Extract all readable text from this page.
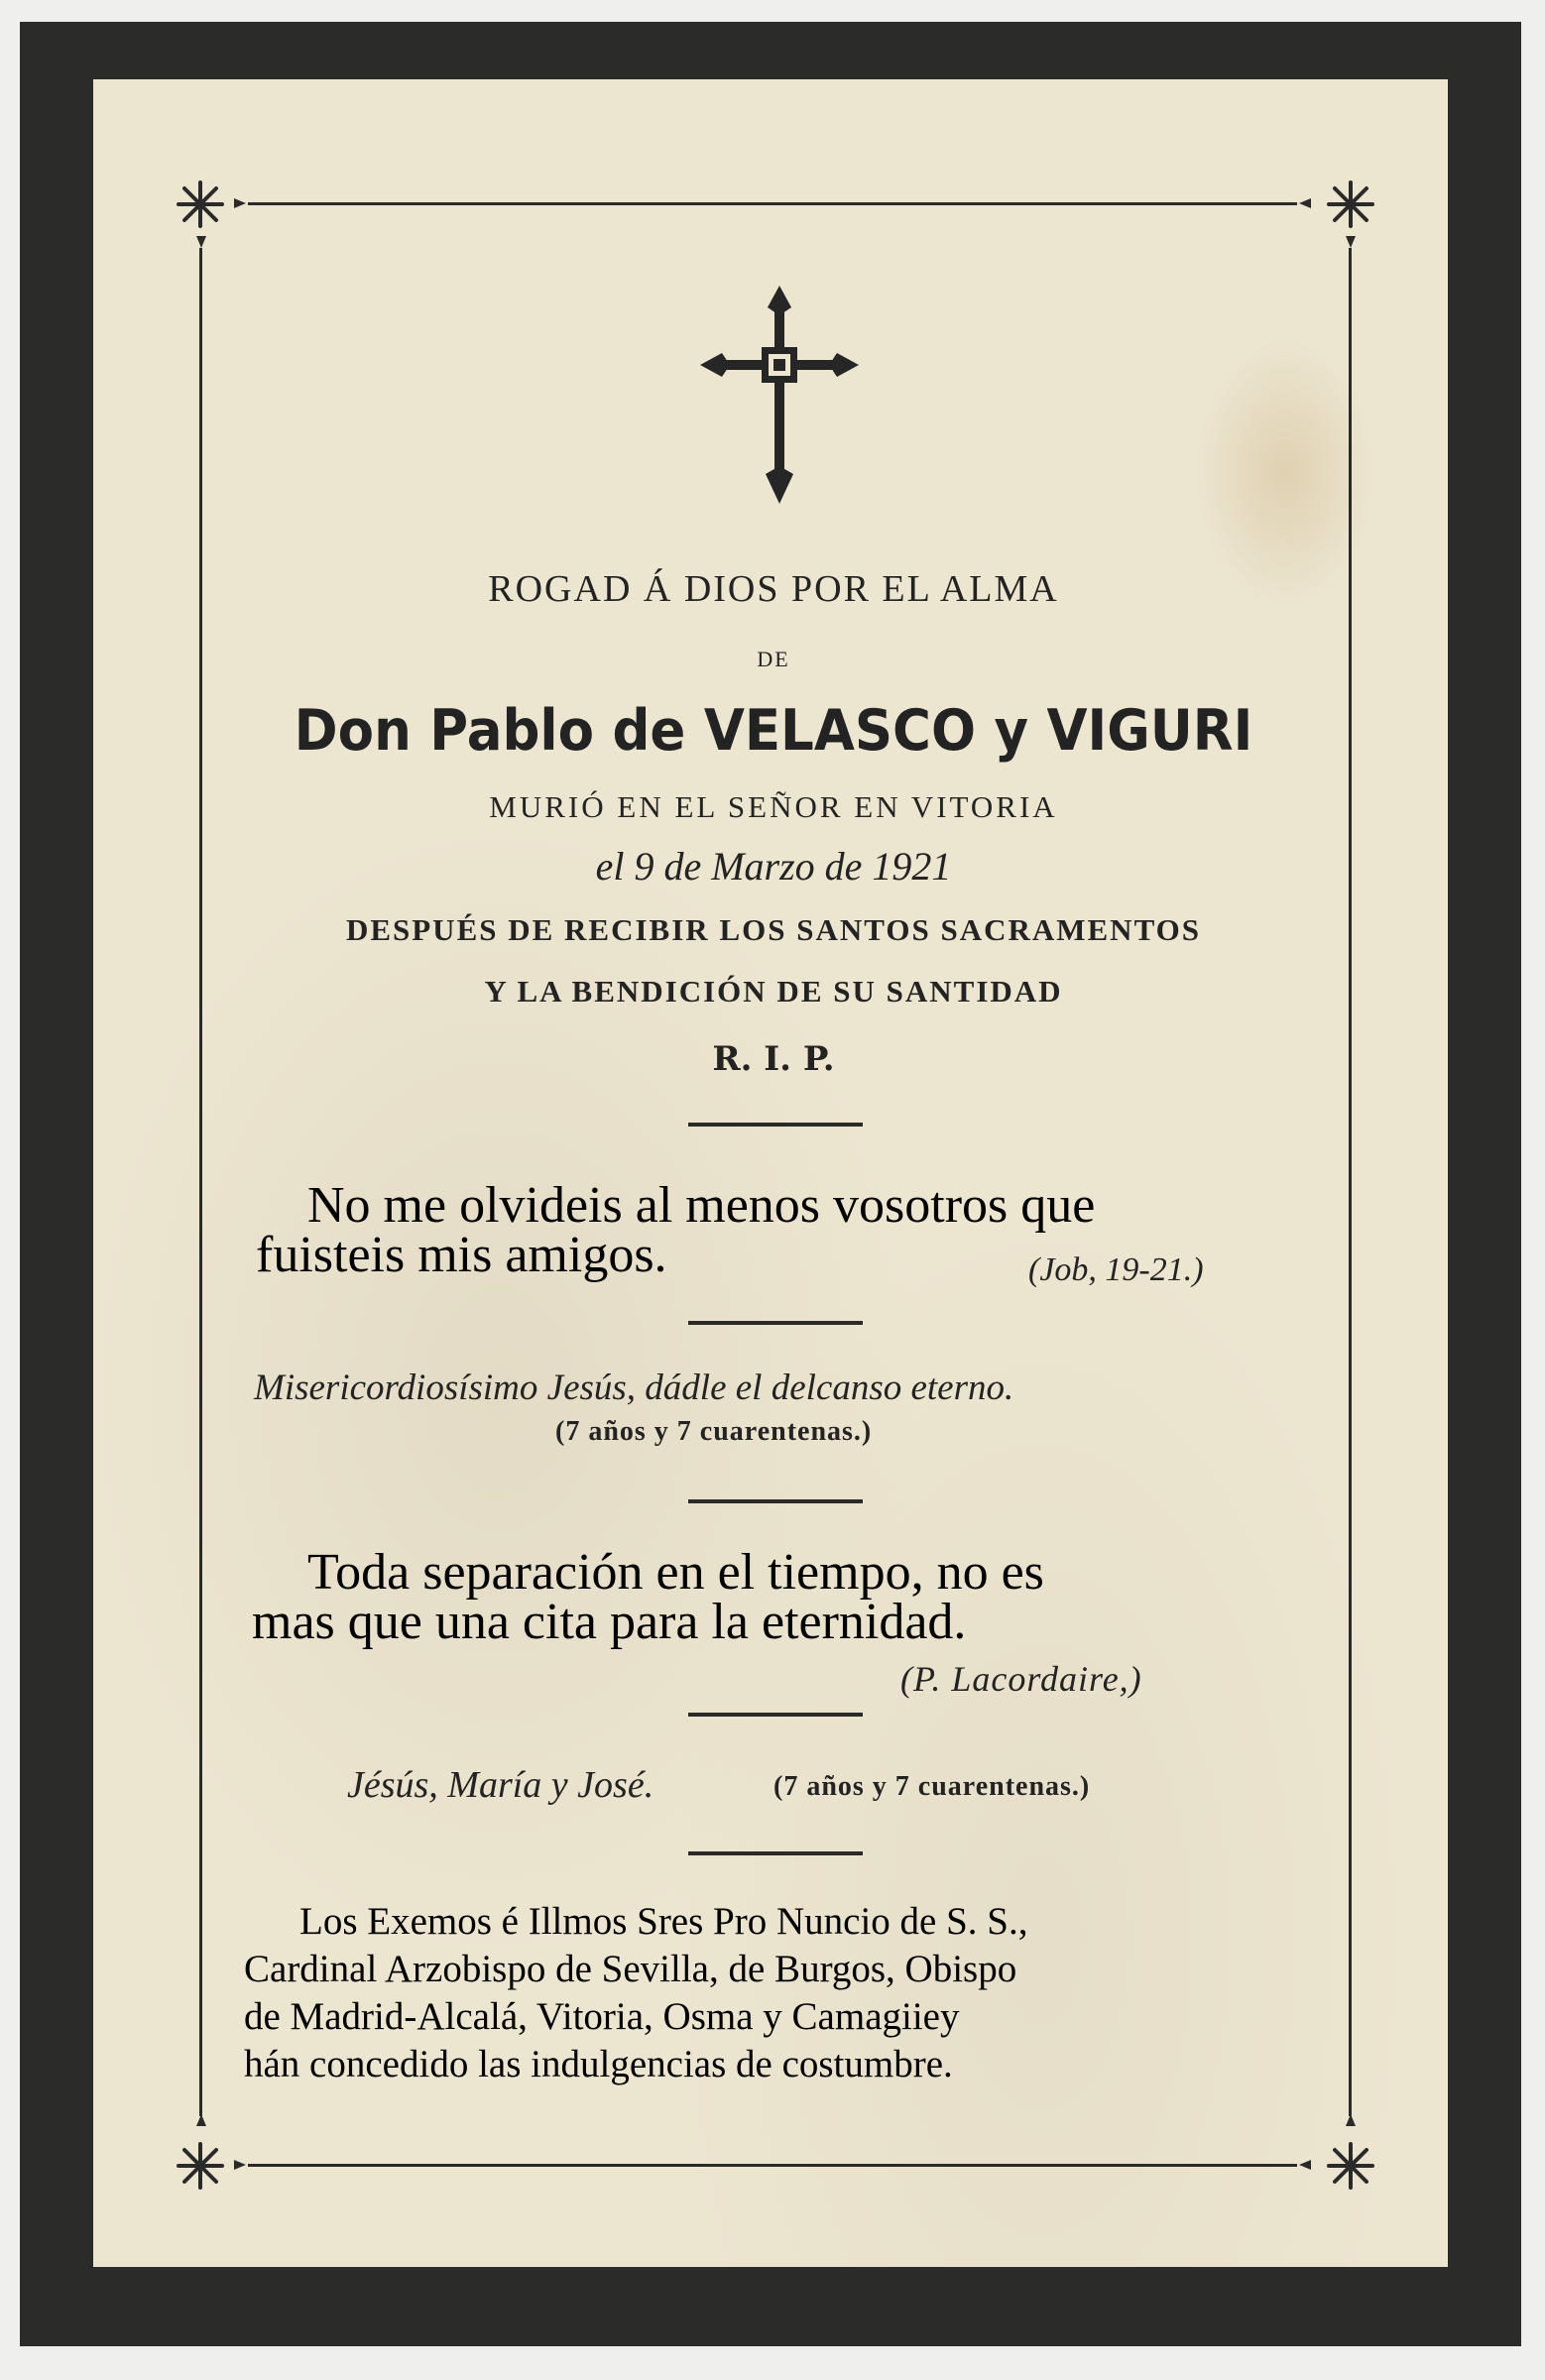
ROGAD Á DIOS POR EL ALMA

DE

Don Pablo de VELASCO y VIGURI

MURIÓ EN EL SEÑOR EN VITORIA

el 9 de Marzo de 1921

DESPUÉS DE RECIBIR LOS SANTOS SACRAMENTOS

Y LA BENDICIÓN DE SU SANTIDAD

R. I. P.

No me olvideis al menos vosotros que
fuisteis mis amigos.	(Job, 19-21.)
Misericordiosísimo Jesús, dádle el delcanso eterno.
(7 años y 7 cuarentenas.)
Toda separación en el tiempo, no es
mas que una cita para la eternidad.
(P. Lacordaire,)
Jésús, María y José.	(7 años y 7 cuarentenas.)
Los Exemos é Illmos Sres Pro Nuncio de S. S.,
Cardinal Arzobispo de Sevilla, de Burgos, Obispo
de Madrid-Alcalá, Vitoria, Osma y Camagiiey
hán concedido las indulgencias de costumbre.
